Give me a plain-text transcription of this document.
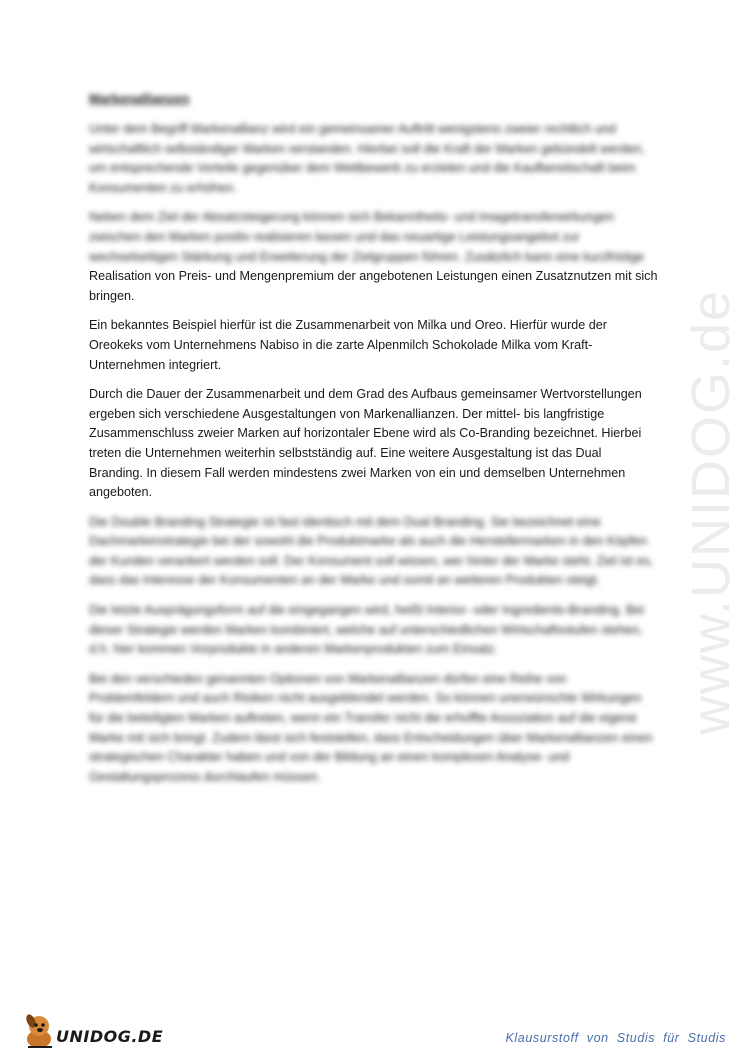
www.UNIDOG.de
Markenallianzen
Unter dem Begriff Markenallianz wird ein gemeinsamer Auftritt wenigstens zweier rechtlich und
wirtschaftlich selbständiger Marken verstanden. Hierbei soll die Kraft der Marken gebündelt werden,
um entsprechende Vorteile gegenüber dem Wettbewerb zu erzielen und die Kaufbereitschaft beim
Konsumenten zu erhöhen.
Neben dem Ziel der Absatzsteigerung können sich Bekanntheits- und Imagetransferwirkungen
zwischen den Marken positiv realisieren lassen und das neuartige Leistungsangebot zur
wechselseitigen Stärkung und Erweiterung der Zielgruppen führen. Zusätzlich kann eine kurzfristige
Realisation von Preis- und Mengenpremium der angebotenen Leistungen einen Zusatznutzen mit sich
bringen.
Ein bekanntes Beispiel hierfür ist die Zusammenarbeit von Milka und Oreo. Hierfür wurde der
Oreokeks vom Unternehmens Nabiso in die zarte Alpenmilch Schokolade Milka vom Kraft-
Unternehmen integriert.
Durch die Dauer der Zusammenarbeit und dem Grad des Aufbaus gemeinsamer Wertvorstellungen
ergeben sich verschiedene Ausgestaltungen von Markenallianzen. Der mittel- bis langfristige
Zusammenschluss zweier Marken auf horizontaler Ebene wird als Co-Branding bezeichnet. Hierbei
treten die Unternehmen weiterhin selbstständig auf. Eine weitere Ausgestaltung ist das Dual
Branding. In diesem Fall werden mindestens zwei Marken von ein und demselben Unternehmen
angeboten.
Die Double Branding Strategie ist fast identisch mit dem Dual Branding. Sie bezeichnet eine
Dachmarkenstrategie bei der sowohl die Produktmarke als auch die Herstellermarken in den Köpfen
der Kunden verankert werden soll. Der Konsument soll wissen, wer hinter der Marke steht. Ziel ist es,
dass das Interesse der Konsumenten an der Marke und somit an weiteren Produkten steigt.
Die letzte Ausprägungsform auf die eingegangen wird, heißt Interior- oder Ingredients-Branding. Bei
dieser Strategie werden Marken kombiniert, welche auf unterschiedlichen Wirtschaftsstufen stehen,
d.h. hier kommen Vorprodukte in anderen Markenprodukten zum Einsatz.
Bei den verschieden genannten Optionen von Markenallianzen dürfen eine Reihe von
Problemfeldern und auch Risiken nicht ausgeblendet werden. So können unerwünschte Wirkungen
für die beteiligten Marken auftreten, wenn ein Transfer nicht die erhoffte Assoziation auf die eigene
Marke mit sich bringt. Zudem lässt sich feststellen, dass Entscheidungen über Markenallianzen einen
strategischen Charakter haben und von der Bildung an einen komplexen Analyse- und
Gestaltungsprozess durchlaufen müssen.
UNIDOG.DE	Klausurstoff von Studis für Studis
